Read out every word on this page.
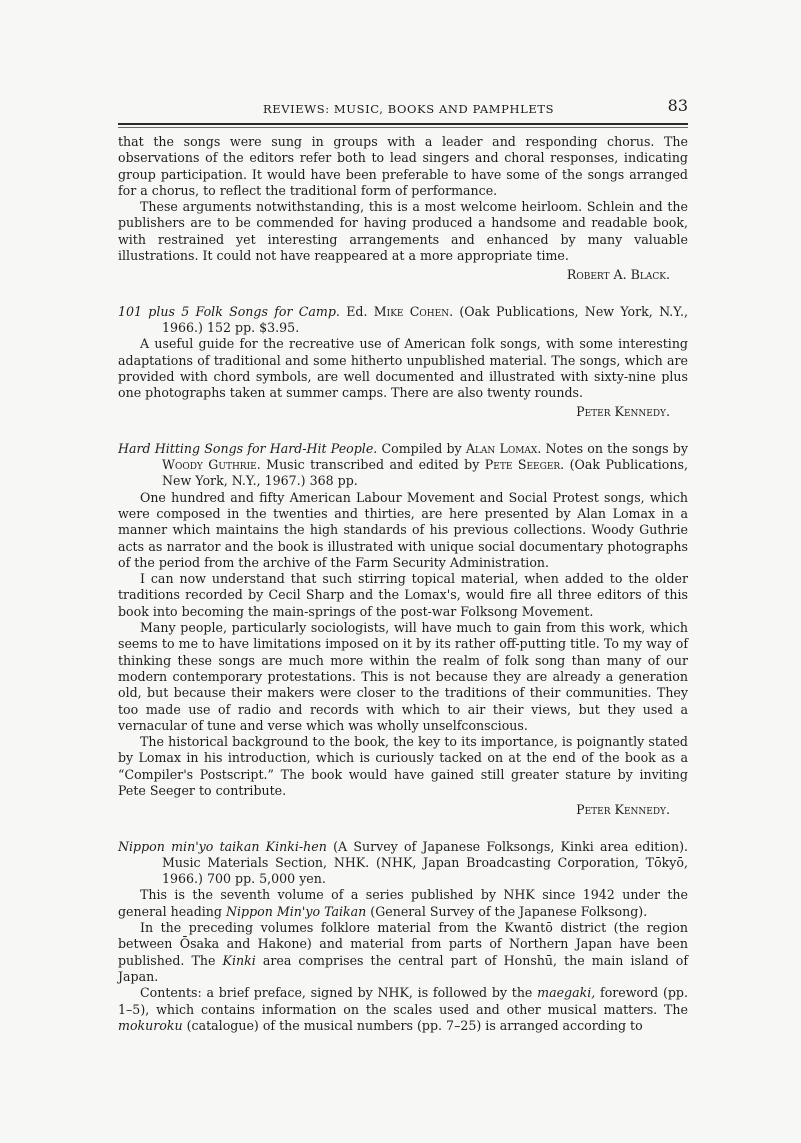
REVIEWS: MUSIC, BOOKS AND PAMPHLETS	83

that the songs were sung in groups with a leader and responding chorus. The observations of the editors refer both to lead singers and choral responses, indicating group participation. It would have been preferable to have some of the songs arranged for a chorus, to reflect the traditional form of performance.

These arguments notwithstanding, this is a most welcome heirloom. Schlein and the publishers are to be commended for having produced a handsome and readable book, with restrained yet interesting arrangements and enhanced by many valuable illustrations. It could not have reappeared at a more appropriate time.

Robert A. Black.

101 plus 5 Folk Songs for Camp. Ed. Mike Cohen. (Oak Publications, New York, N.Y., 1966.) 152 pp. $3.95.

A useful guide for the recreative use of American folk songs, with some interesting adaptations of traditional and some hitherto unpublished material. The songs, which are provided with chord symbols, are well documented and illustrated with sixty-nine plus one photographs taken at summer camps. There are also twenty rounds.

Peter Kennedy.

Hard Hitting Songs for Hard-Hit People. Compiled by Alan Lomax. Notes on the songs by Woody Guthrie. Music transcribed and edited by Pete Seeger. (Oak Publications, New York, N.Y., 1967.) 368 pp.

One hundred and fifty American Labour Movement and Social Protest songs, which were composed in the twenties and thirties, are here presented by Alan Lomax in a manner which maintains the high standards of his previous collections. Woody Guthrie acts as narrator and the book is illustrated with unique social documentary photographs of the period from the archive of the Farm Security Administration.

I can now understand that such stirring topical material, when added to the older traditions recorded by Cecil Sharp and the Lomax's, would fire all three editors of this book into becoming the main-springs of the post-war Folksong Movement.

Many people, particularly sociologists, will have much to gain from this work, which seems to me to have limitations imposed on it by its rather off-putting title. To my way of thinking these songs are much more within the realm of folk song than many of our modern contemporary protestations. This is not because they are already a generation old, but because their makers were closer to the traditions of their communities. They too made use of radio and records with which to air their views, but they used a vernacular of tune and verse which was wholly unselfconscious.

The historical background to the book, the key to its importance, is poignantly stated by Lomax in his introduction, which is curiously tacked on at the end of the book as a “Compiler's Postscript.” The book would have gained still greater stature by inviting Pete Seeger to contribute.

Peter Kennedy.

Nippon min'yo taikan Kinki-hen (A Survey of Japanese Folksongs, Kinki area edition). Music Materials Section, NHK. (NHK, Japan Broadcasting Corporation, Tōkyō, 1966.) 700 pp. 5,000 yen.

This is the seventh volume of a series published by NHK since 1942 under the general heading Nippon Min'yo Taikan (General Survey of the Japanese Folksong).

In the preceding volumes folklore material from the Kwantō district (the region between Ōsaka and Hakone) and material from parts of Northern Japan have been published. The Kinki area comprises the central part of Honshū, the main island of Japan.

Contents: a brief preface, signed by NHK, is followed by the maegaki, foreword (pp. 1–5), which contains information on the scales used and other musical matters. The mokuroku (catalogue) of the musical numbers (pp. 7–25) is arranged according to
